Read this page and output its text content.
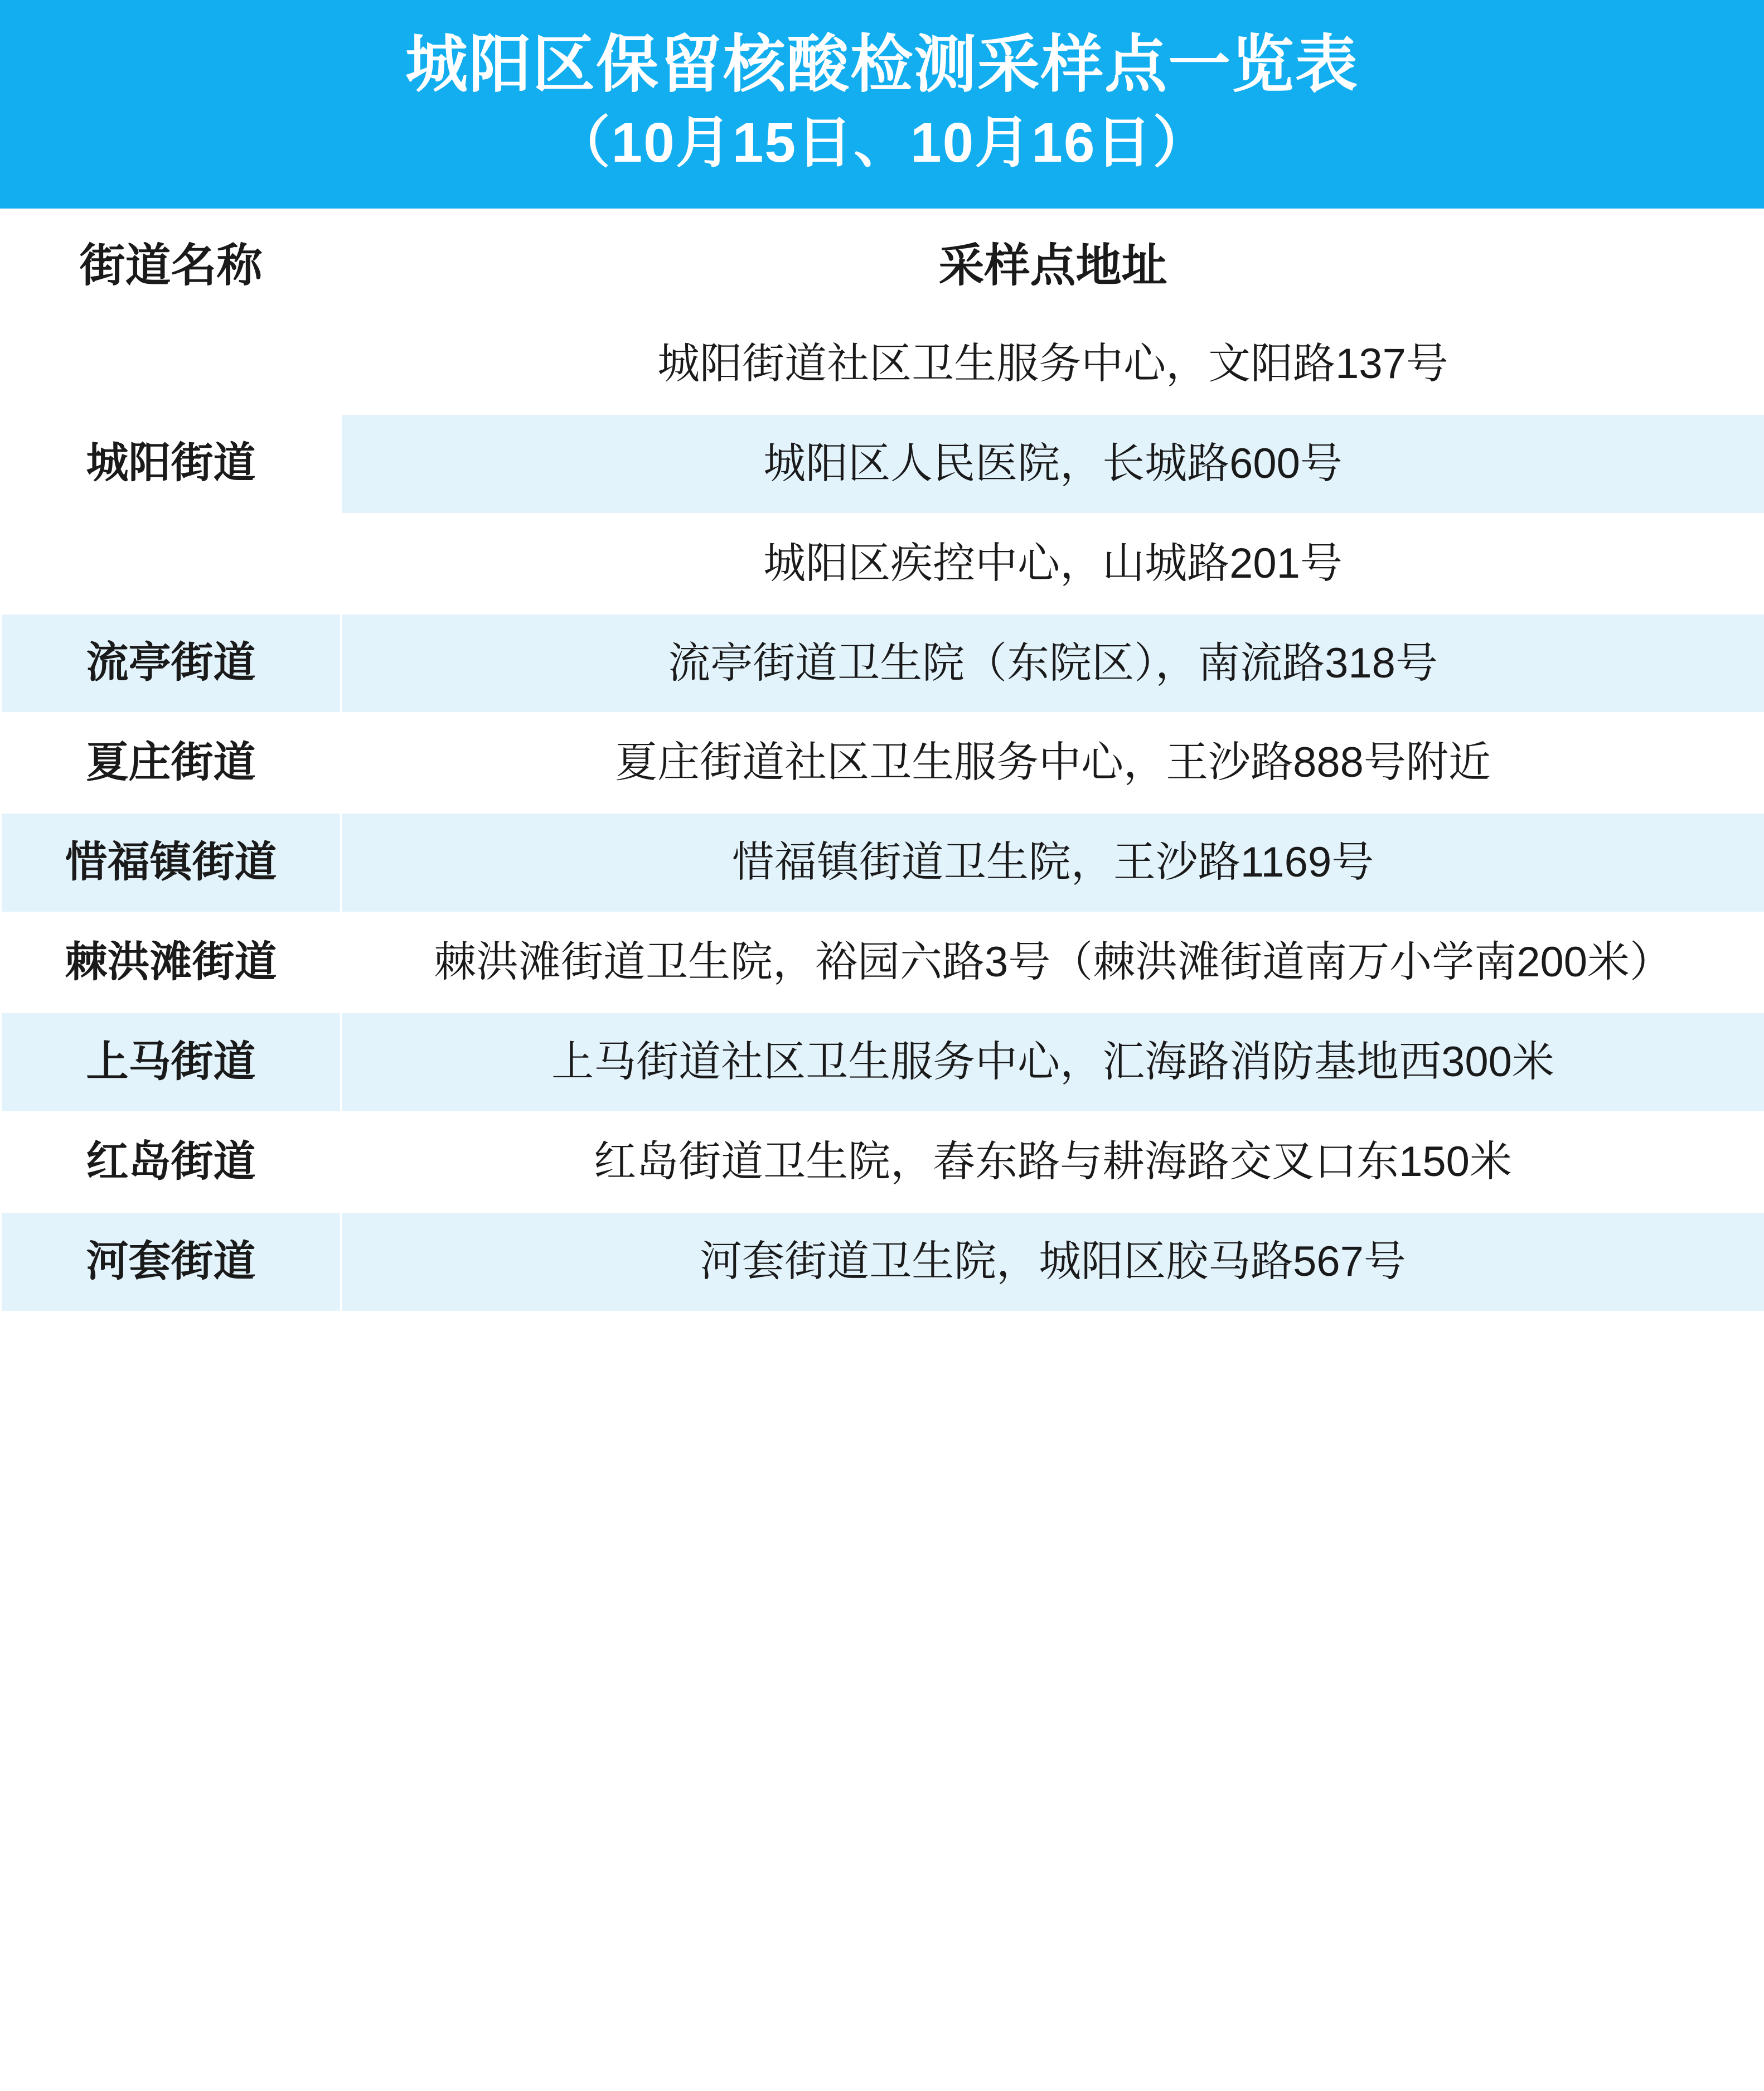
城阳区保留核酸检测采样点一览表
（10月15日、10月16日）
街道名称	采样点地址
城阳街道	城阳街道社区卫生服务中心，文阳路137号
	城阳区人民医院，长城路600号
	城阳区疾控中心，山城路201号
流亭街道	流亭街道卫生院（东院区），南流路318号
夏庄街道	夏庄街道社区卫生服务中心，王沙路888号附近
惜福镇街道	惜福镇街道卫生院，王沙路1169号
棘洪滩街道	棘洪滩街道卫生院，裕园六路3号（棘洪滩街道南万小学南200米）
上马街道	上马街道社区卫生服务中心，汇海路消防基地西300米
红岛街道	红岛街道卫生院，舂东路与耕海路交叉口东150米
河套街道	河套街道卫生院，城阳区胶马路567号
